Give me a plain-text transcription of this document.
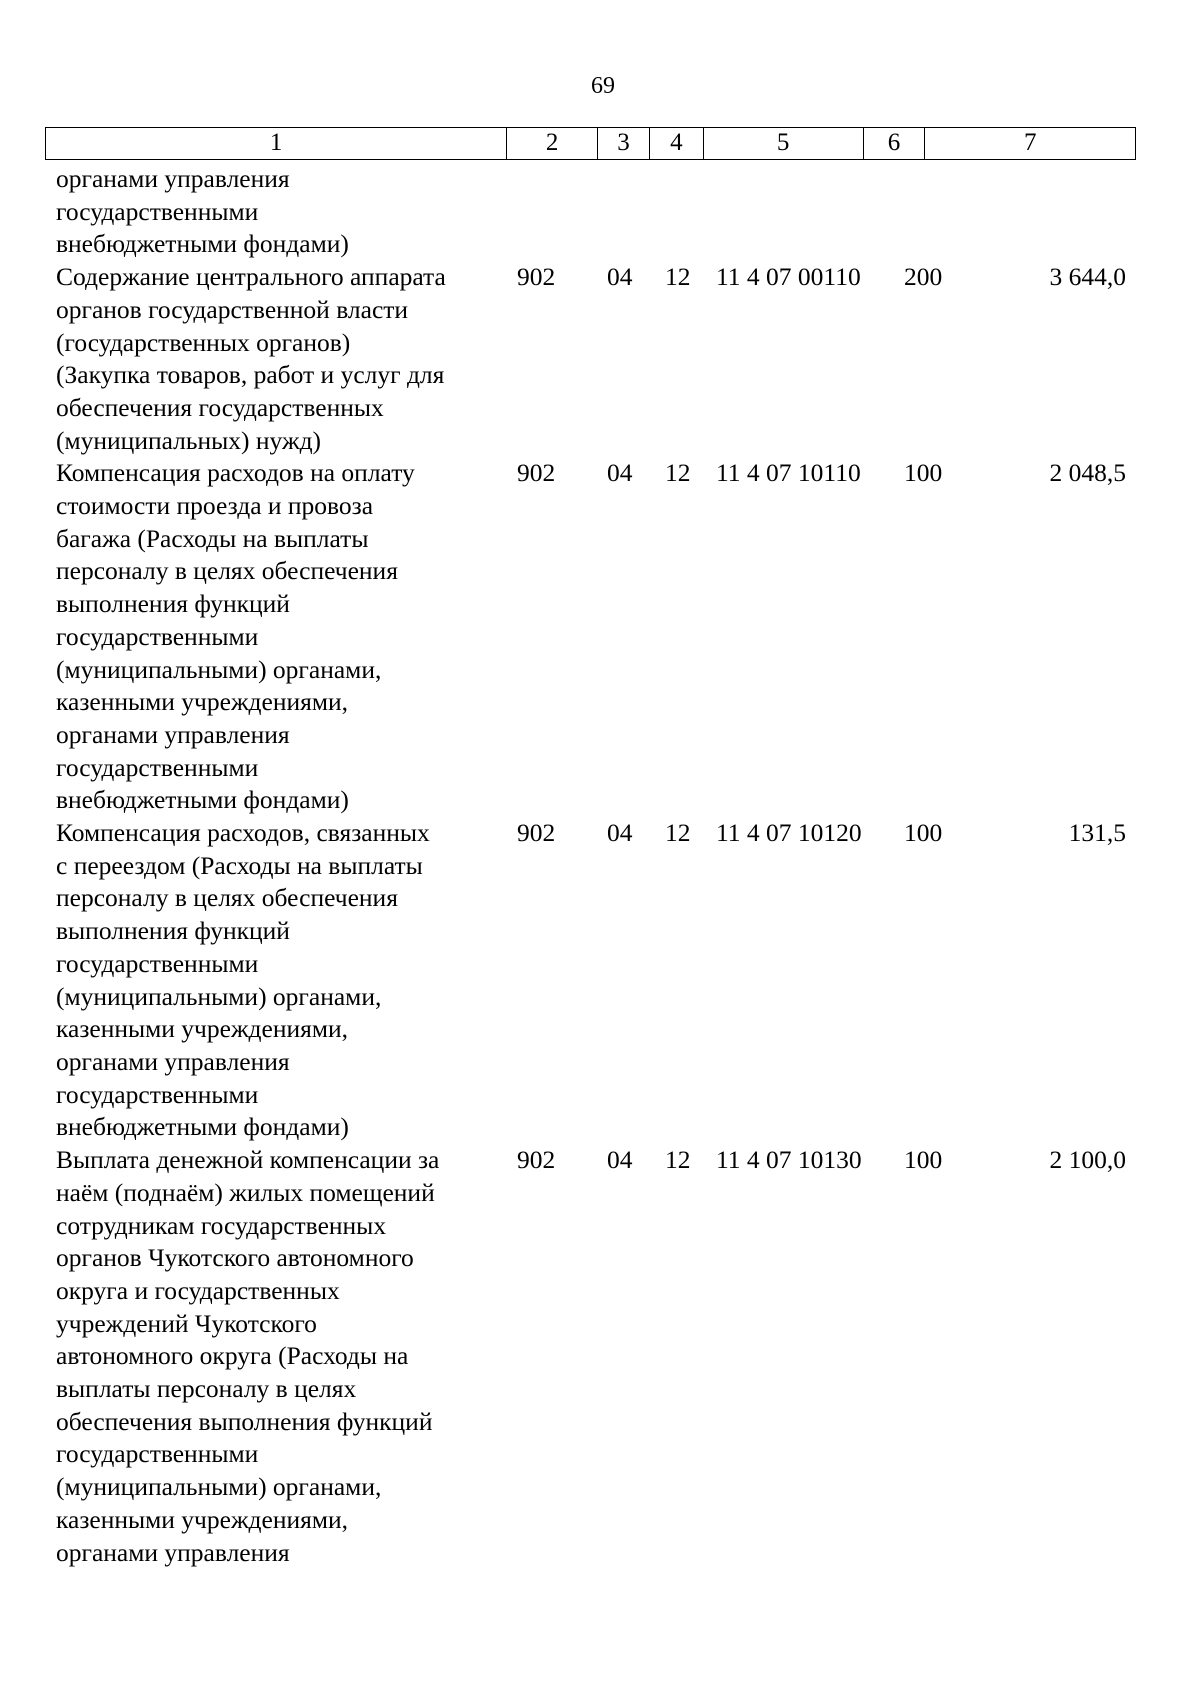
69
1	2	3	4	5	6	7
органами управления
государственными
внебюджетными фондами)
Содержание центрального аппарата
органов государственной власти
(государственных органов)
(Закупка товаров, работ и услуг для
обеспечения государственных
(муниципальных) нужд)
902	04	12	11 4 07 00110	200	3 644,0
Компенсация расходов на оплату
стоимости проезда и провоза
багажа (Расходы на выплаты
персоналу в целях обеспечения
выполнения функций
государственными
(муниципальными) органами,
казенными учреждениями,
органами управления
государственными
внебюджетными фондами)
902	04	12	11 4 07 10110	100	2 048,5
Компенсация расходов, связанных
с переездом (Расходы на выплаты
персоналу в целях обеспечения
выполнения функций
государственными
(муниципальными) органами,
казенными учреждениями,
органами управления
государственными
внебюджетными фондами)
902	04	12	11 4 07 10120	100	131,5
Выплата денежной компенсации за
наём (поднаём) жилых помещений
сотрудникам государственных
органов Чукотского автономного
округа и государственных
учреждений Чукотского
автономного округа (Расходы на
выплаты персоналу в целях
обеспечения выполнения функций
государственными
(муниципальными) органами,
казенными учреждениями,
органами управления
902	04	12	11 4 07 10130	100	2 100,0
